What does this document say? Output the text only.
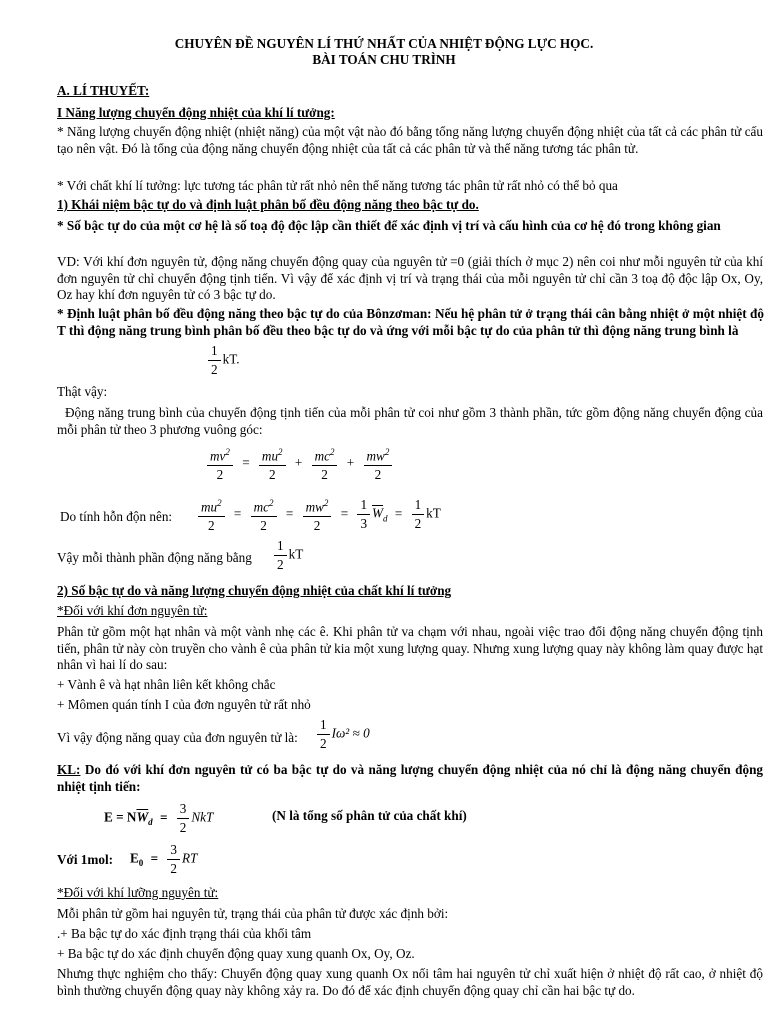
CHUYÊN ĐỀ NGUYÊN LÍ THỨ NHẤT CỦA NHIỆT ĐỘNG LỰC HỌC.
BÀI TOÁN CHU TRÌNH
A. LÍ THUYẾT:
I Năng lượng chuyển động nhiệt của khí lí tưởng:
* Năng lượng chuyển động nhiệt (nhiệt năng) của một vật nào đó bằng tổng năng lượng chuyển động nhiệt của tất cả các phân tử cấu tạo nên vật. Đó là tổng của động năng chuyển động nhiệt của tất cả các phân tử và thế năng tương tác phân tử.
* Với chất khí lí tưởng: lực tương tác phân tử rất nhỏ nên thế năng tương tác phân tử rất nhỏ có thể bỏ qua
1) Khái niệm bậc tự do và định luật phân bố đều động năng theo bậc tự do.
* Số bậc tự do của một cơ hệ là số toạ độ độc lập cần thiết để xác định vị trí và cấu hình của cơ hệ đó trong không gian
VD: Với khí đơn nguyên tử, động năng chuyển động quay của nguyên tử =0 (giải thích ở mục 2) nên coi như mỗi nguyên tử của khí đơn nguyên tử chỉ chuyển động tịnh tiến. Vì vậy để xác định vị trí và trạng thái của mỗi nguyên tử chỉ cần 3 toạ độ độc lập Ox, Oy, Oz hay khí đơn nguyên tử có 3 bậc tự do.
* Định luật phân bố đều động năng theo bậc tự do của Bônzơman: Nếu hệ phân tử ở trạng thái cân bằng nhiệt ở một nhiệt độ T thì động năng trung bình phân bố đều theo bậc tự do và ứng với mỗi bậc tự do của phân tử thì động năng trung bình là
$\frac{1}{2}$ kT.
Thật vậy:
Động năng trung bình của chuyển động tịnh tiến của mỗi phân tử coi như gồm 3 thành phần, tức gồm động năng chuyển động của mỗi phân tử theo 3 phương vuông góc:
$\frac{mv^2}{2} = \frac{mu^2}{2} + \frac{mc^2}{2} + \frac{mw^2}{2}$
Do tính hỗn độn nên: $\frac{mu^2}{2} = \frac{mc^2}{2} = \frac{mw^2}{2} = \frac{1}{3} \overline{W}_d = \frac{1}{2}$ kT
Vậy mỗi thành phần động năng bằng $\frac{1}{2}$ kT
2) Số bậc tự do và năng lượng chuyển động nhiệt của chất khí lí tưởng
*Đối với khí đơn nguyên tử:
Phân tử gồm một hạt nhân và một vành nhẹ các ê. Khi phân tử va chạm với nhau, ngoài việc trao đổi động năng chuyển động tịnh tiến, phân tử này còn truyền cho vành ê của phân tử kia một xung lượng quay. Nhưng xung lượng quay này không làm quay được hạt nhân vì hai lí do sau:
+ Vành ê và hạt nhân liên kết không chắc
+ Mômen quán tính I của đơn nguyên tử rất nhỏ
Vì vậy động năng quay của đơn nguyên tử là: $\frac{1}{2} I\omega^2 \approx 0$
KL: Do đó với khí đơn nguyên tử có ba bậc tự do và năng lượng chuyển động nhiệt của nó chỉ là động năng chuyển động nhiệt tịnh tiến:
$E = N\overline{W}_d = \frac{3}{2}$ NkT	(N là tổng số phân tử của chất khí)
Với 1mol: $E_0 = \frac{3}{2}$ RT
*Đối với khí lưỡng nguyên tử:
Mỗi phân tử gồm hai nguyên tử, trạng thái của phân tử được xác định bởi:
.+ Ba bậc tự do xác định trạng thái của khối tâm
+ Ba bậc tự do xác định chuyển động quay xung quanh Ox, Oy, Oz.
Nhưng thực nghiệm cho thấy: Chuyển động quay xung quanh Ox nối tâm hai nguyên tử chỉ xuất hiện ở nhiệt độ rất cao, ở nhiệt độ bình thường chuyển động quay này không xảy ra. Do đó để xác định chuyển động quay chỉ cần hai bậc tự do.
